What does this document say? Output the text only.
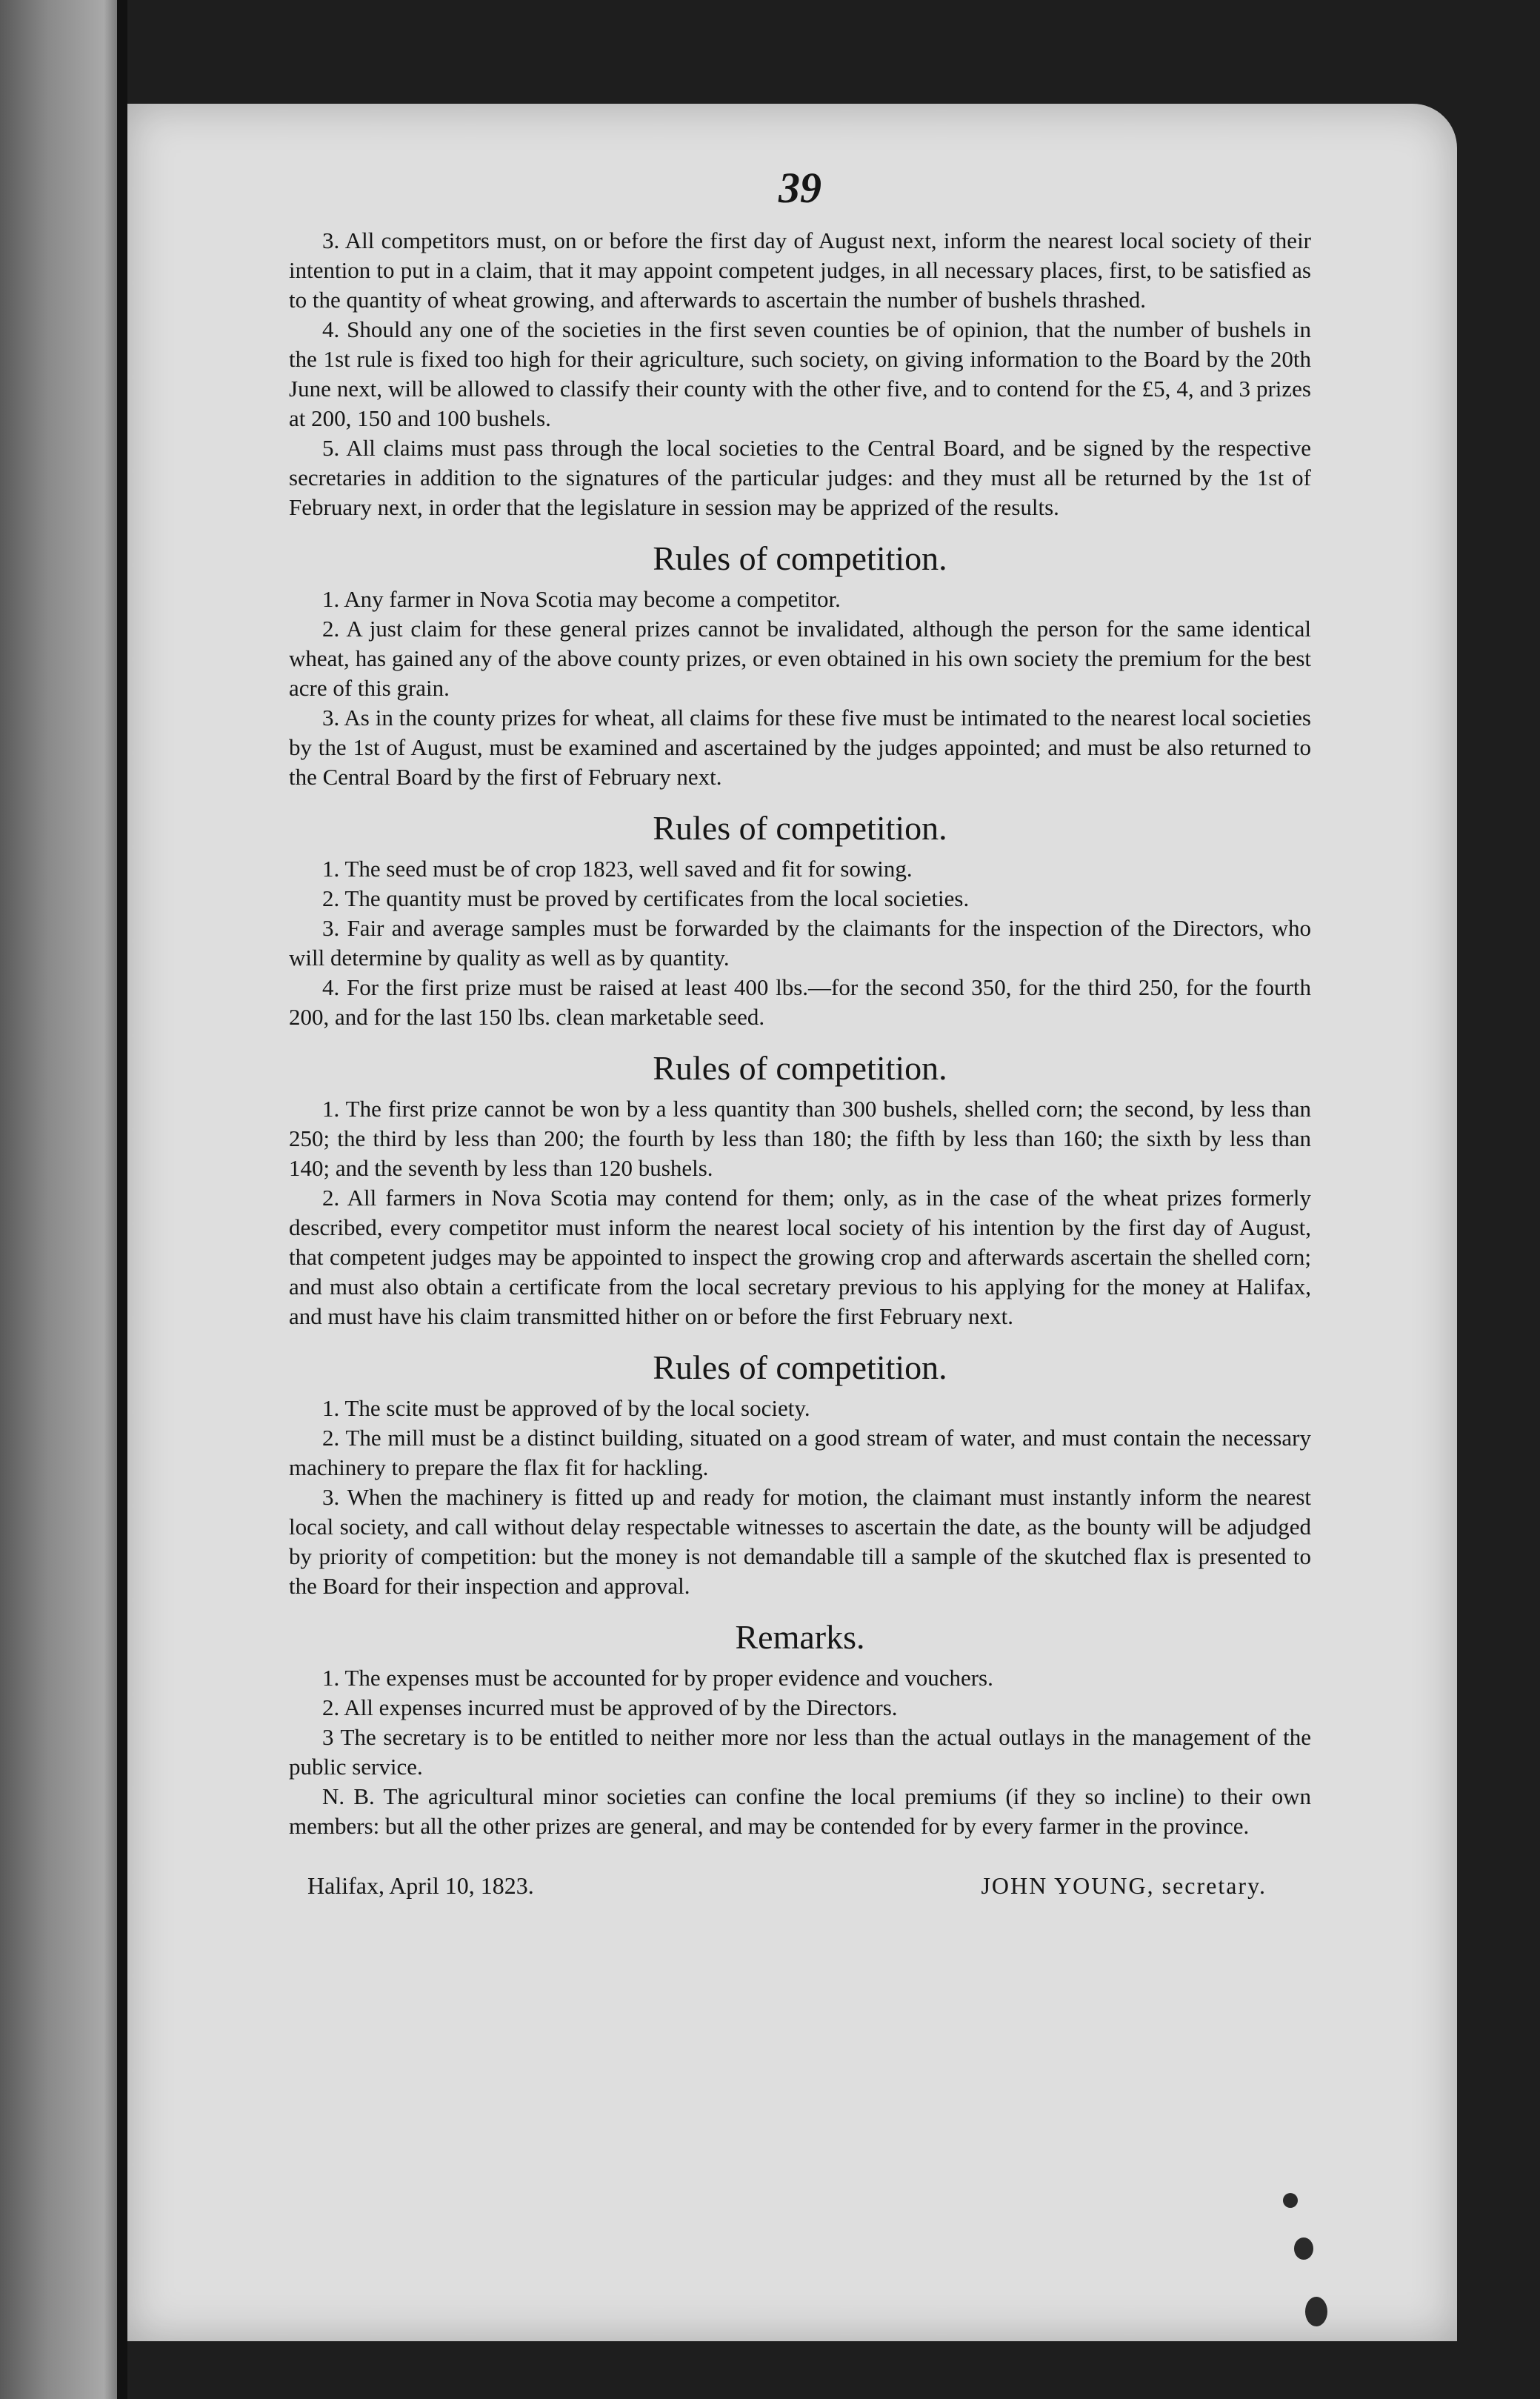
39

3. All competitors must, on or before the first day of August next, inform the nearest local society of their intention to put in a claim, that it may appoint competent judges, in all necessary places, first, to be satisfied as to the quantity of wheat growing, and afterwards to ascertain the number of bushels thrashed.

4. Should any one of the societies in the first seven counties be of opinion, that the number of bushels in the 1st rule is fixed too high for their agriculture, such society, on giving information to the Board by the 20th June next, will be allowed to classify their county with the other five, and to contend for the £5, 4, and 3 prizes at 200, 150 and 100 bushels.

5. All claims must pass through the local societies to the Central Board, and be signed by the respective secretaries in addition to the signatures of the particular judges: and they must all be returned by the 1st of February next, in order that the legislature in session may be apprized of the results.

Rules of competition.

1. Any farmer in Nova Scotia may become a competitor.

2. A just claim for these general prizes cannot be invalidated, although the person for the same identical wheat, has gained any of the above county prizes, or even obtained in his own society the premium for the best acre of this grain.

3. As in the county prizes for wheat, all claims for these five must be intimated to the nearest local societies by the 1st of August, must be examined and ascertained by the judges appointed; and must be also returned to the Central Board by the first of February next.

Rules of competition.

1. The seed must be of crop 1823, well saved and fit for sowing.

2. The quantity must be proved by certificates from the local societies.

3. Fair and average samples must be forwarded by the claimants for the inspection of the Directors, who will determine by quality as well as by quantity.

4. For the first prize must be raised at least 400 lbs.—for the second 350, for the third 250, for the fourth 200, and for the last 150 lbs. clean marketable seed.

Rules of competition.

1. The first prize cannot be won by a less quantity than 300 bushels, shelled corn; the second, by less than 250; the third by less than 200; the fourth by less than 180; the fifth by less than 160; the sixth by less than 140; and the seventh by less than 120 bushels.

2. All farmers in Nova Scotia may contend for them; only, as in the case of the wheat prizes formerly described, every competitor must inform the nearest local society of his intention by the first day of August, that competent judges may be appointed to inspect the growing crop and afterwards ascertain the shelled corn; and must also obtain a certificate from the local secretary previous to his applying for the money at Halifax, and must have his claim transmitted hither on or before the first February next.

Rules of competition.

1. The scite must be approved of by the local society.

2. The mill must be a distinct building, situated on a good stream of water, and must contain the necessary machinery to prepare the flax fit for hackling.

3. When the machinery is fitted up and ready for motion, the claimant must instantly inform the nearest local society, and call without delay respectable witnesses to ascertain the date, as the bounty will be adjudged by priority of competition: but the money is not demandable till a sample of the skutched flax is presented to the Board for their inspection and approval.

Remarks.

1. The expenses must be accounted for by proper evidence and vouchers.

2. All expenses incurred must be approved of by the Directors.

3 The secretary is to be entitled to neither more nor less than the actual outlays in the management of the public service.

N. B. The agricultural minor societies can confine the local premiums (if they so incline) to their own members: but all the other prizes are general, and may be contended for by every farmer in the province.

Halifax, April 10, 1823.	JOHN YOUNG, secretary.
